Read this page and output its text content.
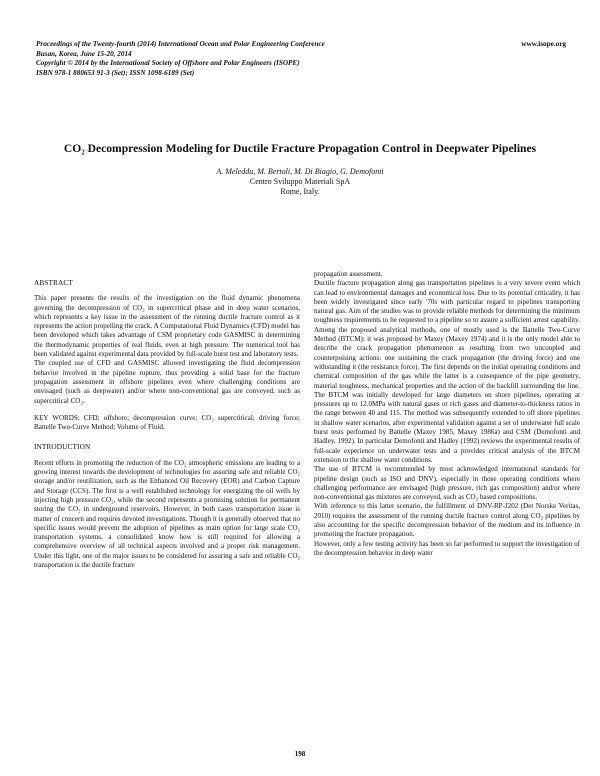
Proceedings of the Twenty-fourth (2014) International Ocean and Polar Engineering Conference
Busan, Korea, June 15-20, 2014
Copyright © 2014 by the International Society of Offshore and Polar Engineers (ISOPE)
ISBN 978-1 880653 91-3 (Set); ISSN 1098-6189 (Set)
www.isope.org
CO₂ Decompression Modeling for Ductile Fracture Propagation Control in Deepwater Pipelines
A. Meleddu, M. Bertoli, M. Di Biagio, G. Demofonti
Centro Sviluppo Materiali SpA
Rome, Italy.
ABSTRACT

This paper presents the results of the investigation on the fluid dynamic phenomena governing the decompression of CO₂ in supercritical phase and in deep water scenarios, which represents a key issue in the assessment of the running ductile fracture control as it represents the action propelling the crack. A Computational Fluid Dynamics (CFD) model has been developed which takes advantage of CSM proprietary code GASMISC in determining the thermodynamic properties of real fluids, even at high pressure. The numerical tool has been validated against experimental data provided by full-scale burst test and laboratory tests.

The coupled use of CFD and GASMISC allowed investigating the fluid decompression behavior involved in the pipeline rupture, thus providing a solid base for the fracture propagation assessment in offshore pipelines even where challenging conditions are envisaged (such as deepwater) and/or where non-conventional gas are conveyed, such as supercritical CO₂.

KEY WORDS: CFD; offshore; decompression curve; CO₂ supercritical; driving force; Battelle Two-Curve Method; Volume of Fluid.

INTRODUCTION

Recent efforts in promoting the reduction of the CO₂ atmospheric emissions are leading to a growing interest towards the development of technologies for assuring safe and reliable CO₂ storage and/or reutilization, such as the Enhanced Oil Recovery (EOR) and Carbon Capture and Storage (CCS). The first is a well established technology for energizing the oil wells by injecting high pressure CO₂, while the second represents a promising solution for permanent storing the CO₂ in underground reservoirs. However, in both cases transportation issue is matter of concern and requires devoted investigations. Though it is generally observed that no specific issues would prevent the adoption of pipelines as main option for large scale CO₂ transportation systems, a consolidated know how is still required for allowing a comprehensive overview of all technical aspects involved and a proper risk management. Under this light, one of the major issues to be considered for assuring a safe and reliable CO₂ transportation is the ductile fracture

propagation assessment.

Ductile fracture propagation along gas transportation pipelines is a very severe event which can lead to environmental damages and economical loss. Due to its potential criticality, it has been widely investigated since early '70s with particular regard to pipelines transporting natural gas. Aim of the studies was to provide reliable methods for determining the minimum toughness requirements to be requested to a pipeline so to assure a sufficient arrest capability. Among the proposed analytical methods, one of mostly used is the Battelle Two-Curve Method (BTCM): it was proposed by Maxey (Maxey 1974) and it is the only model able to describe the crack propagation phenomenon as resulting from two uncoupled and counterpoising actions: one sustaining the crack propagation (the driving force) and one withstanding it (the resistance force). The first depends on the initial operating conditions and chemical composition of the gas while the latter is a consequence of the pipe geometry, material toughness, mechanical properties and the action of the backfill surrounding the line. The BTCM was initially developed for large diameters on shore pipelines, operating at pressures up to 12.0MPa with natural gases or rich gases and diameter-to-thickness ratios in the range between 40 and 115. The method was subsequently extended to off shore pipelines in shallow water scenarios, after experimental validation against a set of underwater full scale burst tests performed by Battelle (Maxey 1985, Maxey 1986a) and CSM (Demofonti and Hadley, 1992). In particular Demofonti and Hadley (1992) reviews the experimental results of full-scale experience on underwater tests and a provides critical analysis of the BTCM extension to the shallow water conditions.

The use of BTCM is recommended by most acknowledged international standards for pipeline design (such as ISO and DNV), especially in those operating conditions where challenging performance are envisaged (high pressure, rich gas composition) and/or where non-conventional gas mixtures are conveyed, such as CO₂ based compositions.

With reference to this latter scenario, the fulfillment of DNV-RP-J202 (Det Norske Veritas, 2010) requires the assessment of the running ductile fracture control along CO₂ pipelines by also accounting for the specific decompression behavior of the medium and its influence in promoting the fracture propagation.

However, only a few testing activity has been so far performed to support the investigation of the decompression behavior in deep water

198
